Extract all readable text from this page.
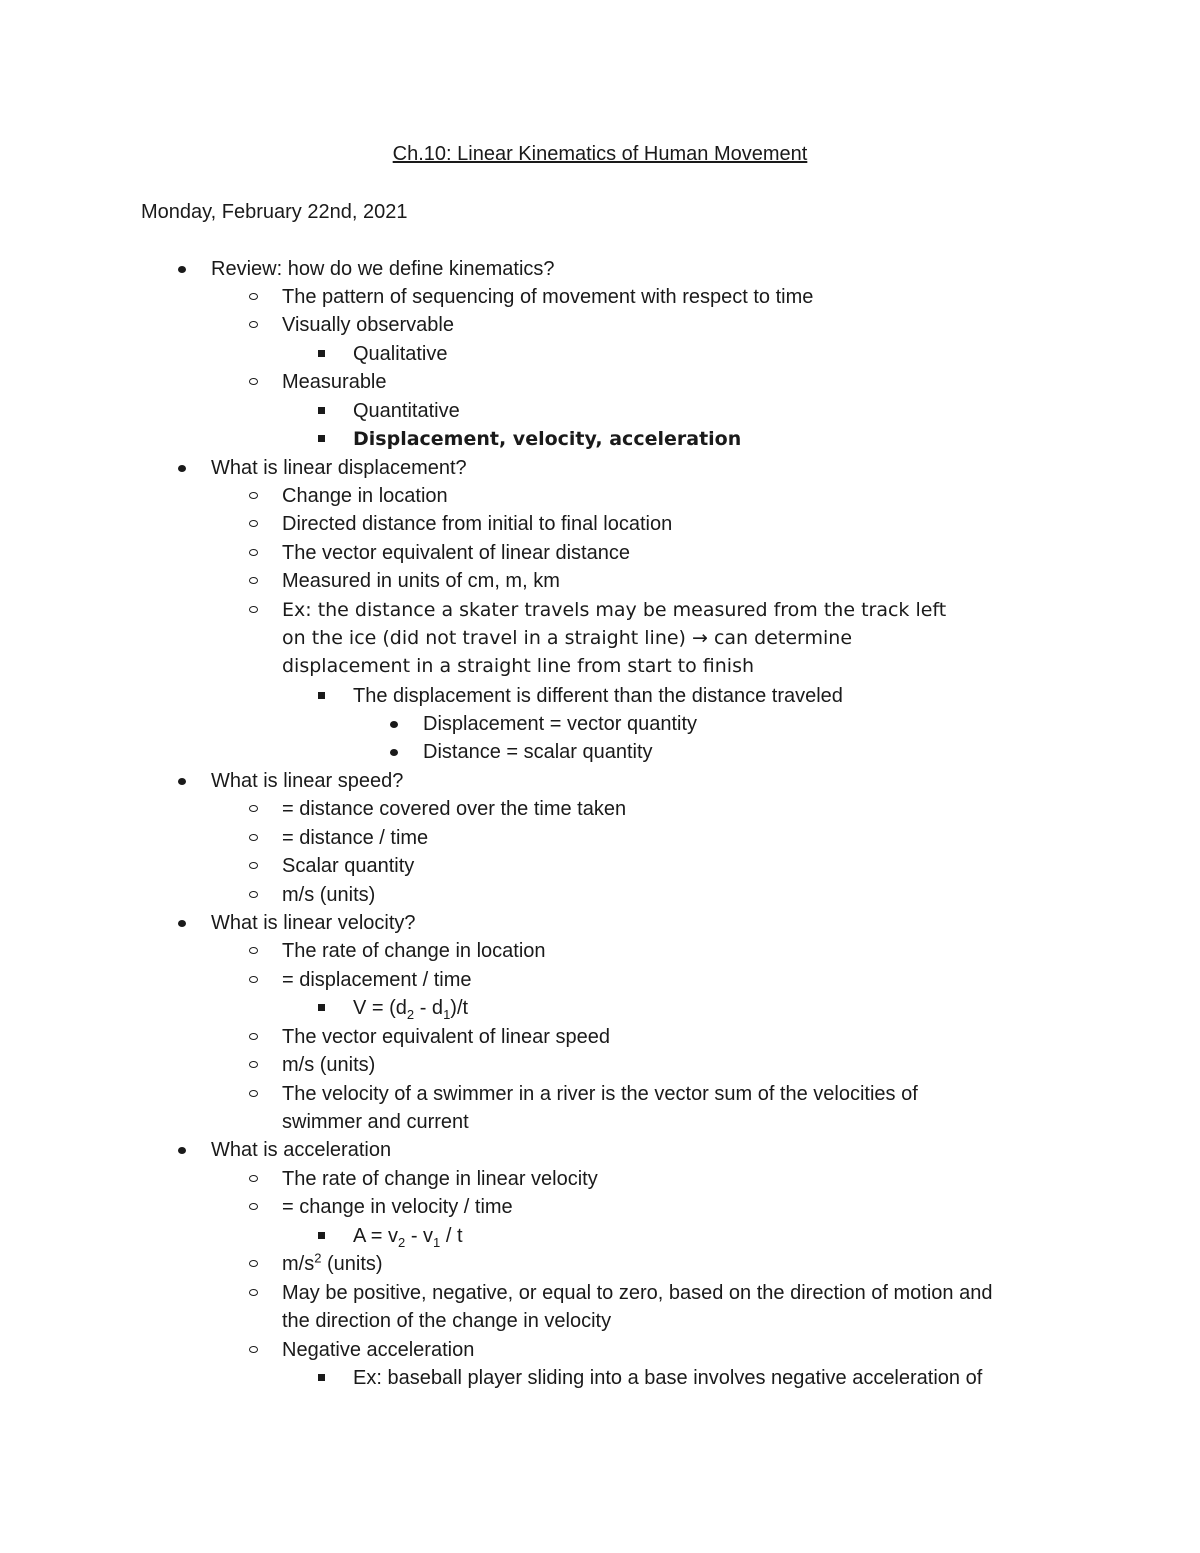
Ch.10: Linear Kinematics of Human Movement
Monday, February 22nd, 2021
Review: how do we define kinematics?
The pattern of sequencing of movement with respect to time
Visually observable
Qualitative
Measurable
Quantitative
Displacement, velocity, acceleration
What is linear displacement?
Change in location
Directed distance from initial to final location
The vector equivalent of linear distance
Measured in units of cm, m, km
Ex: the distance a skater travels may be measured from the track left
on the ice (did not travel in a straight line) → can determine
displacement in a straight line from start to finish
The displacement is different than the distance traveled
Displacement = vector quantity
Distance = scalar quantity
What is linear speed?
= distance covered over the time taken
= distance / time
Scalar quantity
m/s (units)
What is linear velocity?
The rate of change in location
= displacement / time
$V = (d_2 - d_1)/t$
The vector equivalent of linear speed
m/s (units)
The velocity of a swimmer in a river is the vector sum of the velocities of
swimmer and current
What is acceleration
The rate of change in linear velocity
= change in velocity / time
$A = v_2 - v_1 / t$
$m/s^2$ (units)
May be positive, negative, or equal to zero, based on the direction of motion and
the direction of the change in velocity
Negative acceleration
Ex: baseball player sliding into a base involves negative acceleration of
